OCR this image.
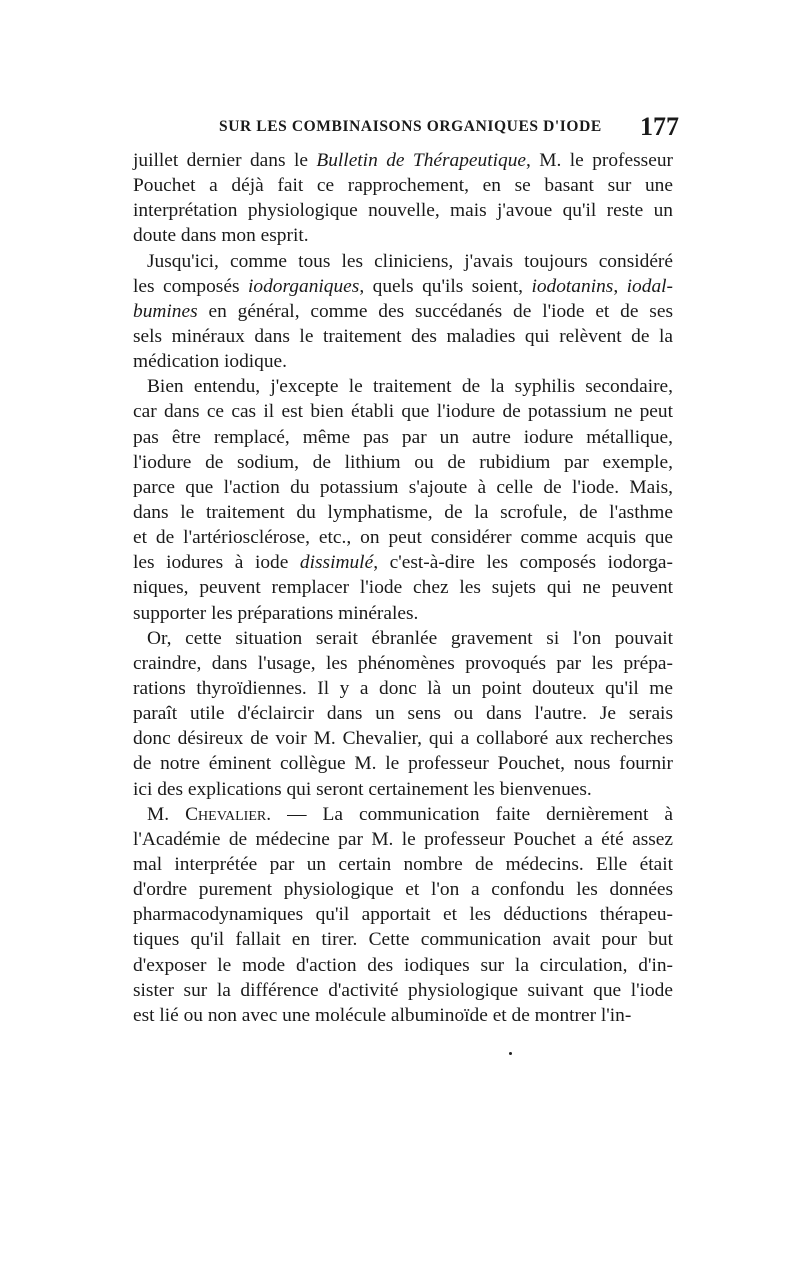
SUR LES COMBINAISONS ORGANIQUES D'IODE 177
juillet dernier dans le Bulletin de Thérapeutique, M. le professeur
Pouchet a déjà fait ce rapprochement, en se basant sur une
interprétation physiologique nouvelle, mais j'avoue qu'il reste un
doute dans mon esprit.
Jusqu'ici, comme tous les cliniciens, j'avais toujours considéré
les composés iodorganiques, quels qu'ils soient, iodotanins, iodal-
bumines en général, comme des succédanés de l'iode et de ses
sels minéraux dans le traitement des maladies qui relèvent de la
médication iodique.
Bien entendu, j'excepte le traitement de la syphilis secondaire,
car dans ce cas il est bien établi que l'iodure de potassium ne peut
pas être remplacé, même pas par un autre iodure métallique,
l'iodure de sodium, de lithium ou de rubidium par exemple,
parce que l'action du potassium s'ajoute à celle de l'iode. Mais,
dans le traitement du lymphatisme, de la scrofule, de l'asthme
et de l'artériosclérose, etc., on peut considérer comme acquis que
les iodures à iode dissimulé, c'est-à-dire les composés iodorga-
niques, peuvent remplacer l'iode chez les sujets qui ne peuvent
supporter les préparations minérales.
Or, cette situation serait ébranlée gravement si l'on pouvait
craindre, dans l'usage, les phénomènes provoqués par les prépa-
rations thyroïdiennes. Il y a donc là un point douteux qu'il me
paraît utile d'éclaircir dans un sens ou dans l'autre. Je serais
donc désireux de voir M. Chevalier, qui a collaboré aux recherches
de notre éminent collègue M. le professeur Pouchet, nous fournir
ici des explications qui seront certainement les bienvenues.
M. Chevalier. — La communication faite dernièrement à
l'Académie de médecine par M. le professeur Pouchet a été assez
mal interprétée par un certain nombre de médecins. Elle était
d'ordre purement physiologique et l'on a confondu les données
pharmacodynamiques qu'il apportait et les déductions thérapeu-
tiques qu'il fallait en tirer. Cette communication avait pour but
d'exposer le mode d'action des iodiques sur la circulation, d'in-
sister sur la différence d'activité physiologique suivant que l'iode
est lié ou non avec une molécule albuminoïde et de montrer l'in-
